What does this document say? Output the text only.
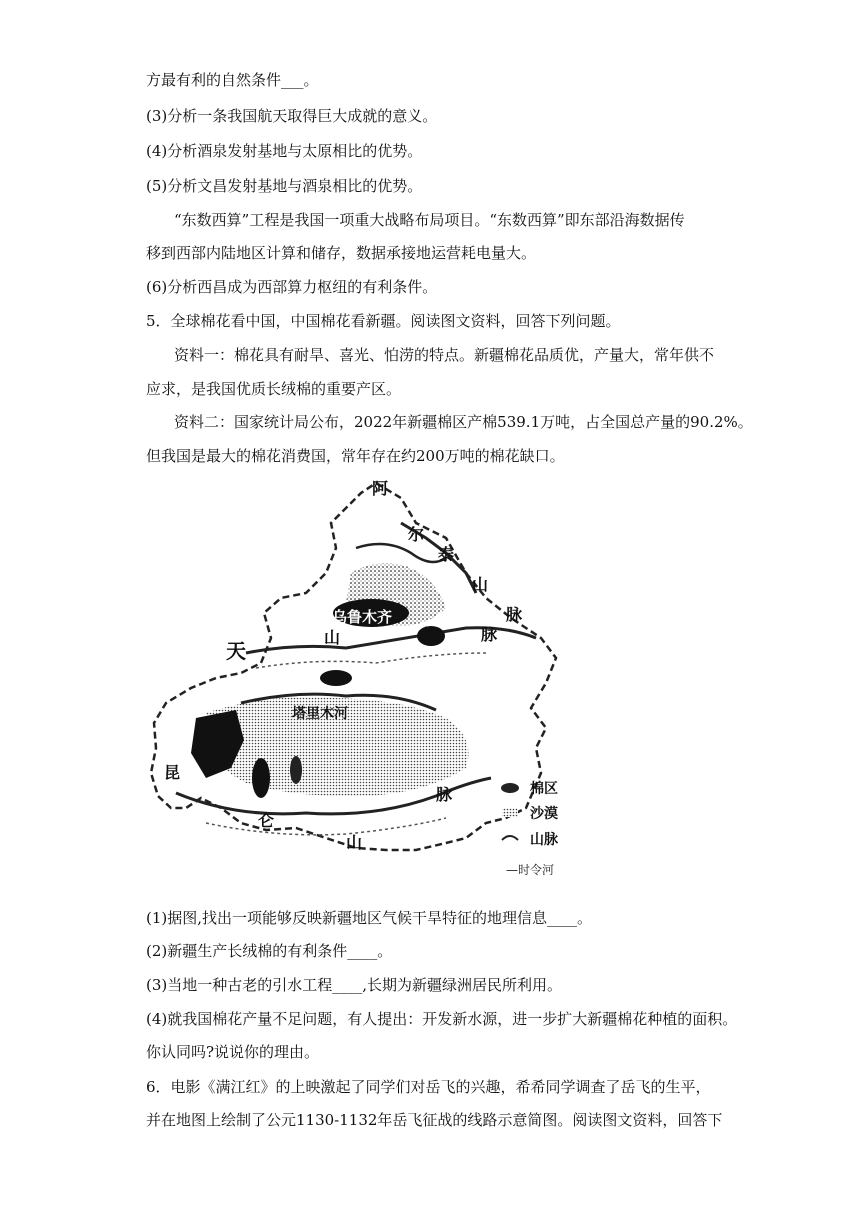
方最有利的自然条件___。
(3)分析一条我国航天取得巨大成就的意义。
(4)分析酒泉发射基地与太原相比的优势。
(5)分析文昌发射基地与酒泉相比的优势。
“东数西算”工程是我国一项重大战略布局项目。“东数西算”即东部沿海数据传
移到西部内陆地区计算和储存，数据承接地运营耗电量大。
(6)分析西昌成为西部算力枢纽的有利条件。
5．全球棉花看中国，中国棉花看新疆。阅读图文资料，回答下列问题。
资料一：棉花具有耐旱、喜光、怕涝的特点。新疆棉花品质优，产量大，常年供不
应求，是我国优质长绒棉的重要产区。
资料二：国家统计局公布，2022年新疆棉区产棉539.1万吨，占全国总产量的90.2%。
但我国是最大的棉花消费国，常年存在约200万吨的棉花缺口。
阿
尔
泰
山
脉
乌鲁木齐
山	脉
天
山
塔里木河
昆
仑
山
脉	棉区
沙漠
山脉
—时令河
(1)据图,找出一项能够反映新疆地区气候干旱特征的地理信息____。
(2)新疆生产长绒棉的有利条件____。
(3)当地一种古老的引水工程____,长期为新疆绿洲居民所利用。
(4)就我国棉花产量不足问题，有人提出：开发新水源，进一步扩大新疆棉花种植的面积。
你认同吗?说说你的理由。
6．电影《满江红》的上映激起了同学们对岳飞的兴趣，希希同学调查了岳飞的生平，
并在地图上绘制了公元1130-1132年岳飞征战的线路示意简图。阅读图文资料，回答下
